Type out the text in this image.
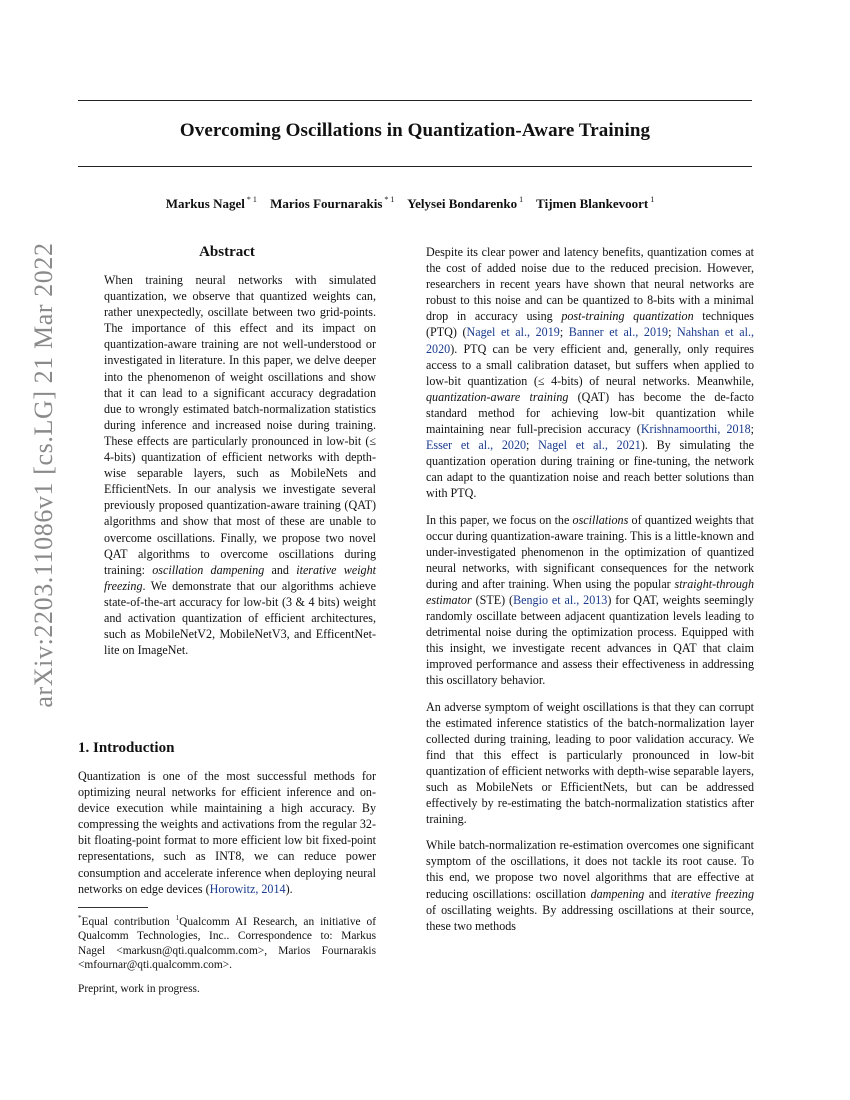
arXiv:2203.11086v1 [cs.LG] 21 Mar 2022
Overcoming Oscillations in Quantization-Aware Training
Markus Nagel $^{* 1}$ Marios Fournarakis $^{* 1}$ Yelysei Bondarenko $^1$ Tijmen Blankevoort $^1$
Abstract
When training neural networks with simulated quantization, we observe that quantized weights can, rather unexpectedly, oscillate between two grid-points. The importance of this effect and its impact on quantization-aware training are not well-understood or investigated in literature. In this paper, we delve deeper into the phenomenon of weight oscillations and show that it can lead to a significant accuracy degradation due to wrongly estimated batch-normalization statistics during inference and increased noise during training. These effects are particularly pronounced in low-bit (≤ 4-bits) quantization of efficient networks with depth-wise separable layers, such as MobileNets and EfficientNets. In our analysis we investigate several previously proposed quantization-aware training (QAT) algorithms and show that most of these are unable to overcome oscillations. Finally, we propose two novel QAT algorithms to overcome oscillations during training: oscillation dampening and iterative weight freezing. We demonstrate that our algorithms achieve state-of-the-art accuracy for low-bit (3 & 4 bits) weight and activation quantization of efficient architectures, such as MobileNetV2, MobileNetV3, and EfficentNet-lite on ImageNet.
1. Introduction
Quantization is one of the most successful methods for optimizing neural networks for efficient inference and on-device execution while maintaining a high accuracy. By compressing the weights and activations from the regular 32-bit floating-point format to more efficient low bit fixed-point representations, such as INT8, we can reduce power consumption and accelerate inference when deploying neural networks on edge devices (Horowitz, 2014).
*Equal contribution $^1$Qualcomm AI Research, an initiative of Qualcomm Technologies, Inc.. Correspondence to: Markus Nagel <markusn@qti.qualcomm.com>, Marios Fournarakis <mfournar@qti.qualcomm.com>.
Preprint, work in progress.

Despite its clear power and latency benefits, quantization comes at the cost of added noise due to the reduced precision. However, researchers in recent years have shown that neural networks are robust to this noise and can be quantized to 8-bits with a minimal drop in accuracy using post-training quantization techniques (PTQ) (Nagel et al., 2019; Banner et al., 2019; Nahshan et al., 2020). PTQ can be very efficient and, generally, only requires access to a small calibration dataset, but suffers when applied to low-bit quantization (≤ 4-bits) of neural networks. Meanwhile, quantization-aware training (QAT) has become the de-facto standard method for achieving low-bit quantization while maintaining near full-precision accuracy (Krishnamoorthi, 2018; Esser et al., 2020; Nagel et al., 2021). By simulating the quantization operation during training or fine-tuning, the network can adapt to the quantization noise and reach better solutions than with PTQ.

In this paper, we focus on the oscillations of quantized weights that occur during quantization-aware training. This is a little-known and under-investigated phenomenon in the optimization of quantized neural networks, with significant consequences for the network during and after training. When using the popular straight-through estimator (STE) (Bengio et al., 2013) for QAT, weights seemingly randomly oscillate between adjacent quantization levels leading to detrimental noise during the optimization process. Equipped with this insight, we investigate recent advances in QAT that claim improved performance and assess their effectiveness in addressing this oscillatory behavior.

An adverse symptom of weight oscillations is that they can corrupt the estimated inference statistics of the batch-normalization layer collected during training, leading to poor validation accuracy. We find that this effect is particularly pronounced in low-bit quantization of efficient networks with depth-wise separable layers, such as MobileNets or EfficientNets, but can be addressed effectively by re-estimating the batch-normalization statistics after training.

While batch-normalization re-estimation overcomes one significant symptom of the oscillations, it does not tackle its root cause. To this end, we propose two novel algorithms that are effective at reducing oscillations: oscillation dampening and iterative freezing of oscillating weights. By addressing oscillations at their source, these two methods
